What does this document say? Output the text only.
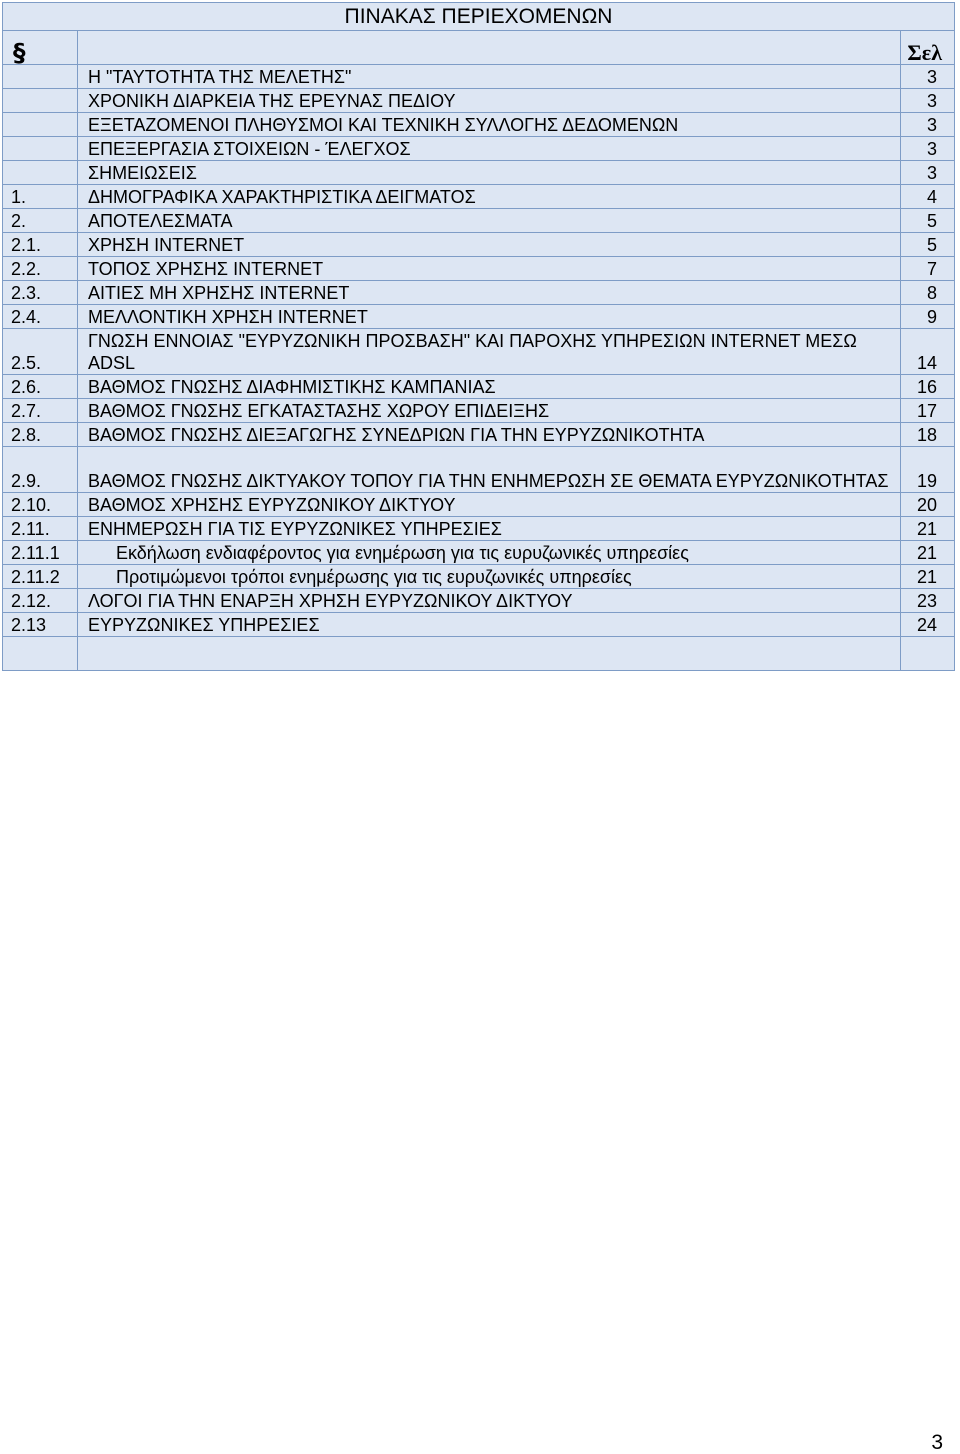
ΠΙΝΑΚΑΣ ΠΕΡΙΕΧΟΜΕΝΩΝ		
§		Σελ
	Η "ΤΑΥΤΟΤΗΤΑ ΤΗΣ ΜΕΛΕΤΗΣ"	3
	ΧΡΟΝΙΚΗ ΔΙΑΡΚΕΙΑ ΤΗΣ ΕΡΕΥΝΑΣ ΠΕΔΙΟΥ	3
	ΕΞΕΤΑΖΟΜΕΝΟΙ ΠΛΗΘΥΣΜΟΙ ΚΑΙ ΤΕΧΝΙΚΗ ΣΥΛΛΟΓΗΣ ΔΕΔΟΜΕΝΩΝ	3
	ΕΠΕΞΕΡΓΑΣΙΑ ΣΤΟΙΧΕΙΩΝ - ΈΛΕΓΧΟΣ	3
	ΣΗΜΕΙΩΣΕΙΣ	3
1.	ΔΗΜΟΓΡΑΦΙΚΑ ΧΑΡΑΚΤΗΡΙΣΤΙΚΑ ΔΕΙΓΜΑΤΟΣ	4
2.	ΑΠΟΤΕΛΕΣΜΑΤΑ	5
2.1.	ΧΡΗΣΗ INTERNET	5
2.2.	ΤΟΠΟΣ ΧΡΗΣΗΣ INTERNET	7
2.3.	ΑΙΤΙΕΣ ΜΗ ΧΡΗΣΗΣ INTERNET	8
2.4.	ΜΕΛΛΟΝΤΙΚΗ ΧΡΗΣΗ INTERNET	9
2.5.	ΓΝΩΣΗ ΕΝΝΟΙΑΣ "ΕΥΡΥΖΩΝΙΚΗ ΠΡΟΣΒΑΣΗ" ΚΑΙ ΠΑΡΟΧΗΣ ΥΠΗΡΕΣΙΩΝ INTERNET ΜΕΣΩ ADSL	14
2.6.	ΒΑΘΜΟΣ ΓΝΩΣΗΣ ΔΙΑΦΗΜΙΣΤΙΚΗΣ ΚΑΜΠΑΝΙΑΣ	16
2.7.	ΒΑΘΜΟΣ ΓΝΩΣΗΣ ΕΓΚΑΤΑΣΤΑΣΗΣ ΧΩΡΟΥ ΕΠΙΔΕΙΞΗΣ	17
2.8.	ΒΑΘΜΟΣ ΓΝΩΣΗΣ ΔΙΕΞΑΓΩΓΗΣ ΣΥΝΕΔΡΙΩΝ ΓΙΑ ΤΗΝ ΕΥΡΥΖΩΝΙΚΟΤΗΤΑ	18
2.9.	ΒΑΘΜΟΣ ΓΝΩΣΗΣ ΔΙΚΤΥΑΚΟΥ ΤΟΠΟΥ ΓΙΑ ΤΗΝ ΕΝΗΜΕΡΩΣΗ ΣΕ ΘΕΜΑΤΑ ΕΥΡΥΖΩΝΙΚΟΤΗΤΑΣ	19
2.10.	ΒΑΘΜΟΣ ΧΡΗΣΗΣ ΕΥΡΥΖΩΝΙΚΟΥ ΔΙΚΤΥΟΥ	20
2.11.	ΕΝΗΜΕΡΩΣΗ ΓΙΑ ΤΙΣ ΕΥΡΥΖΩΝΙΚΕΣ ΥΠΗΡΕΣΙΕΣ	21
2.11.1	Εκδήλωση ενδιαφέροντος για ενημέρωση για τις ευρυζωνικές υπηρεσίες	21
2.11.2	Προτιμώμενοι τρόποι ενημέρωσης για τις ευρυζωνικές υπηρεσίες	21
2.12.	ΛΟΓΟΙ ΓΙΑ ΤΗΝ ΕΝΑΡΞΗ ΧΡΗΣΗ ΕΥΡΥΖΩΝΙΚΟΥ ΔΙΚΤΥΟΥ	23
2.13	ΕΥΡΥΖΩΝΙΚΕΣ ΥΠΗΡΕΣΙΕΣ	24

3
